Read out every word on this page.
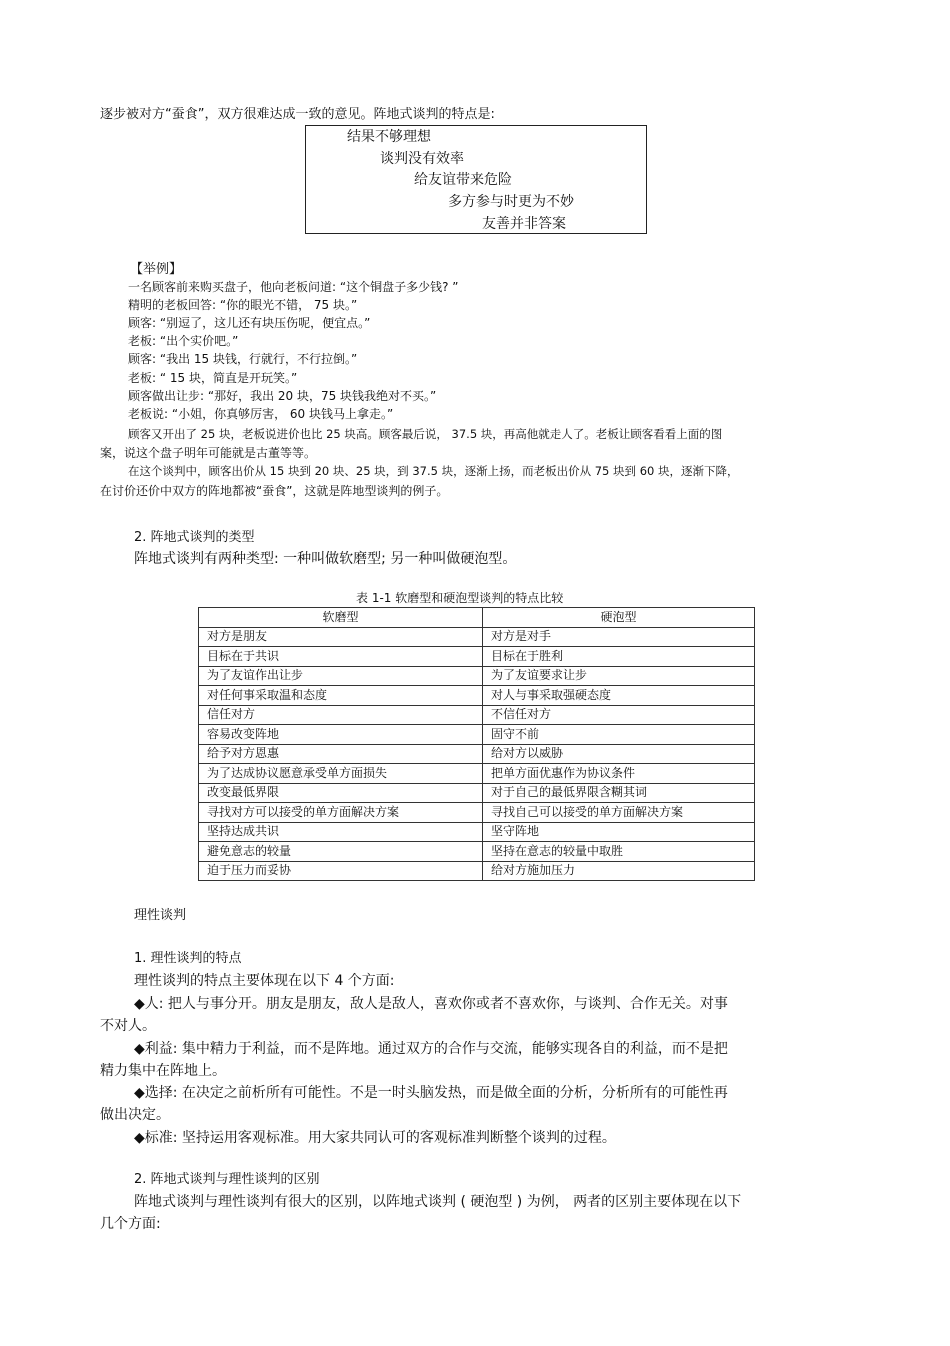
逐步被对方“蚕食”，双方很难达成一致的意见。阵地式谈判的特点是:
结果不够理想
谈判没有效率
给友谊带来危险
多方参与时更为不妙
友善并非答案
【举例】
一名顾客前来购买盘子，他向老板问道: “这个铜盘子多少钱? ”
精明的老板回答: “你的眼光不错， 75 块。”
顾客: “别逗了，这儿还有块压伤呢，便宜点。”
老板: “出个实价吧。”
顾客: “我出 15 块钱，行就行，不行拉倒。”
老板: “ 15 块，简直是开玩笑。”
顾客做出让步: “那好，我出 20 块，75 块钱我绝对不买。”
老板说: “小姐，你真够厉害， 60 块钱马上拿走。”
顾客又开出了 25 块，老板说进价也比 25 块高。顾客最后说， 37.5 块，再高他就走人了。老板让顾客看看上面的图
案，说这个盘子明年可能就是古董等等。
在这个谈判中，顾客出价从 15 块到 20 块、25 块，到 37.5 块，逐渐上扬，而老板出价从 75 块到 60 块，逐渐下降，
在讨价还价中双方的阵地都被“蚕食”，这就是阵地型谈判的例子。
2. 阵地式谈判的类型
阵地式谈判有两种类型: 一种叫做软磨型; 另一种叫做硬泡型。
表 1-1 软磨型和硬泡型谈判的特点比较
软磨型	硬泡型
对方是朋友	对方是对手
目标在于共识	目标在于胜利
为了友谊作出让步	为了友谊要求让步
对任何事采取温和态度	对人与事采取强硬态度
信任对方	不信任对方
容易改变阵地	固守不前
给予对方恩惠	给对方以威胁
为了达成协议愿意承受单方面损失	把单方面优惠作为协议条件
改变最低界限	对于自己的最低界限含糊其词
寻找对方可以接受的单方面解决方案	寻找自己可以接受的单方面解决方案
坚持达成共识	坚守阵地
避免意志的较量	坚持在意志的较量中取胜
迫于压力而妥协	给对方施加压力
理性谈判
1. 理性谈判的特点
理性谈判的特点主要体现在以下 4 个方面:
◆人: 把人与事分开。朋友是朋友，敌人是敌人，喜欢你或者不喜欢你，与谈判、合作无关。对事
不对人。
◆利益: 集中精力于利益，而不是阵地。通过双方的合作与交流，能够实现各自的利益，而不是把
精力集中在阵地上。
◆选择: 在决定之前析所有可能性。不是一时头脑发热，而是做全面的分析，分析所有的可能性再
做出决定。
◆标准: 坚持运用客观标准。用大家共同认可的客观标准判断整个谈判的过程。
2. 阵地式谈判与理性谈判的区别
阵地式谈判与理性谈判有很大的区别，以阵地式谈判 ( 硬泡型 ) 为例， 两者的区别主要体现在以下
几个方面:
